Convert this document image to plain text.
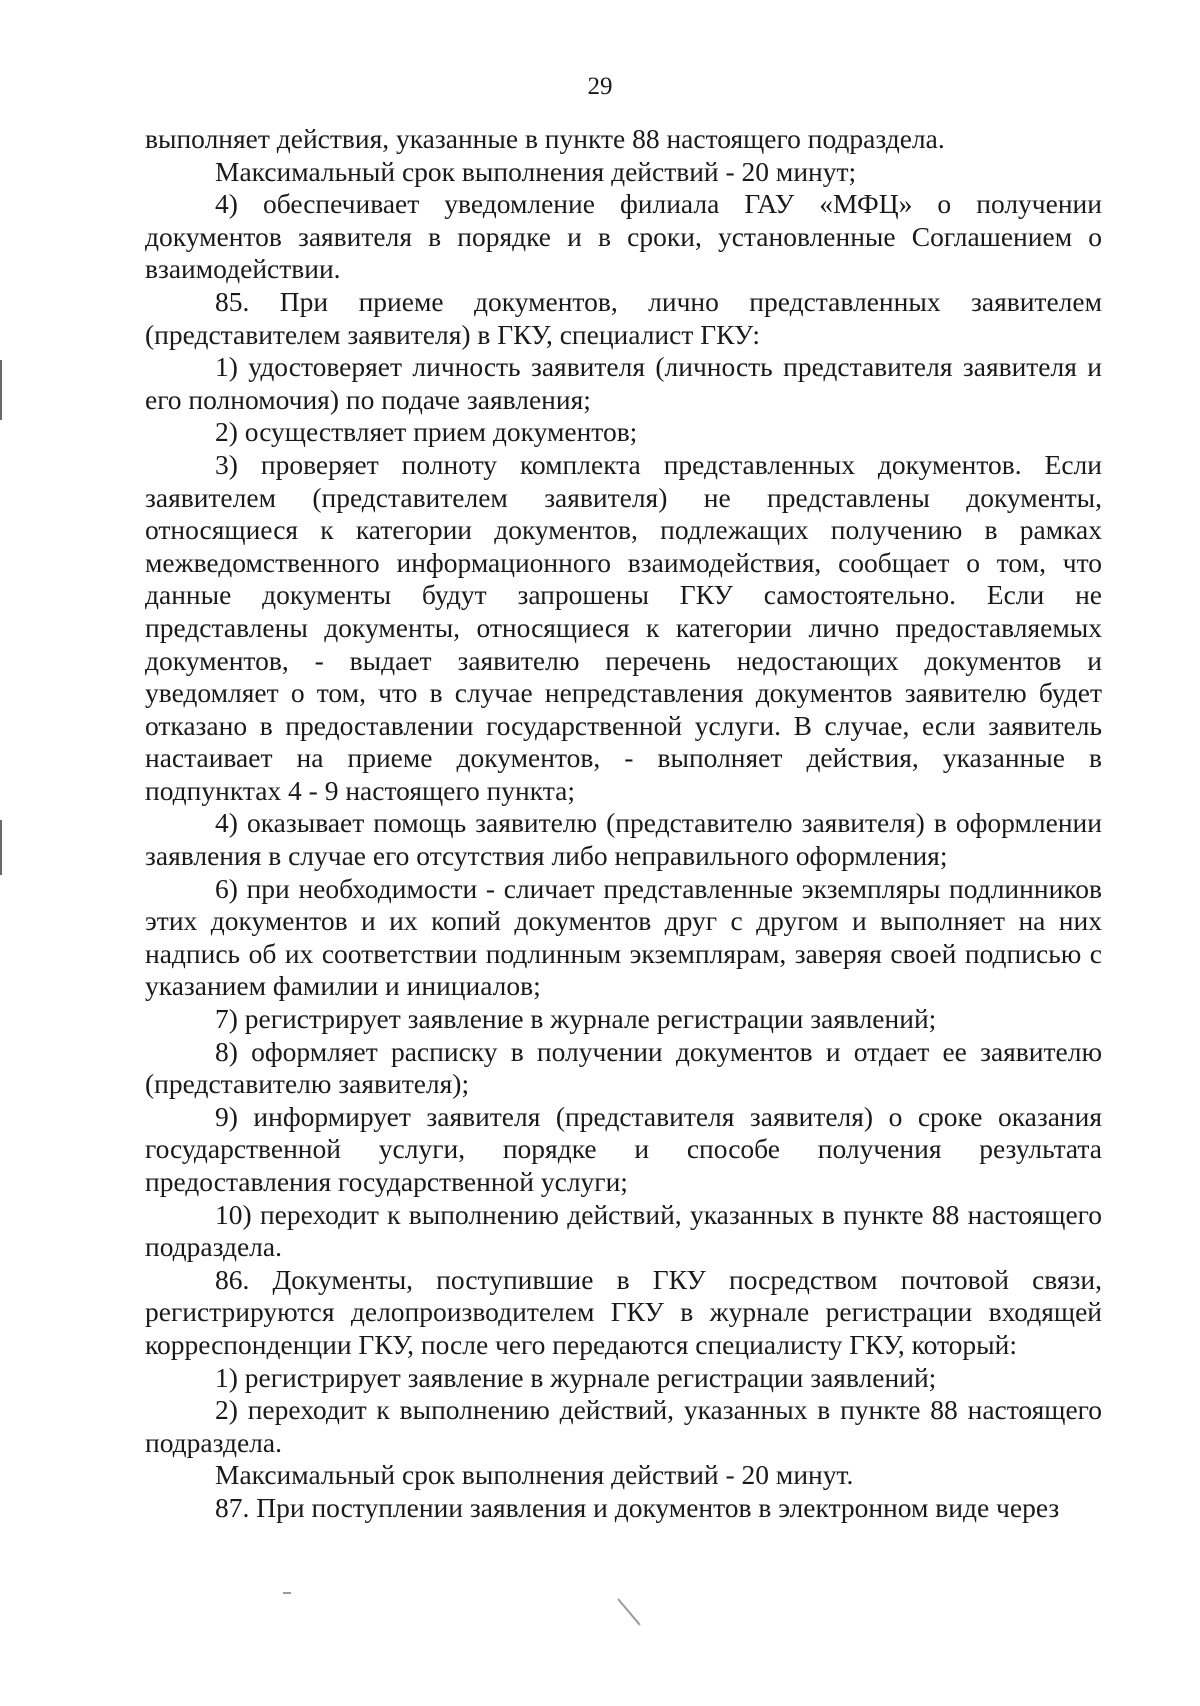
29

выполняет действия, указанные в пункте 88 настоящего подраздела.

Максимальный срок выполнения действий - 20 минут;

4) обеспечивает уведомление филиала ГАУ «МФЦ» о получении документов заявителя в порядке и в сроки, установленные Соглашением о взаимодействии.

85. При приеме документов, лично представленных заявителем (представителем заявителя) в ГКУ, специалист ГКУ:

1) удостоверяет личность заявителя (личность представителя заявителя и его полномочия) по подаче заявления;

2) осуществляет прием документов;

3) проверяет полноту комплекта представленных документов. Если заявителем (представителем заявителя) не представлены документы, относящиеся к категории документов, подлежащих получению в рамках межведомственного информационного взаимодействия, сообщает о том, что данные документы будут запрошены ГКУ самостоятельно. Если не представлены документы, относящиеся к категории лично предоставляемых документов, - выдает заявителю перечень недостающих документов и уведомляет о том, что в случае непредставления документов заявителю будет отказано в предоставлении государственной услуги. В случае, если заявитель настаивает на приеме документов, - выполняет действия, указанные в подпунктах 4 - 9 настоящего пункта;

4) оказывает помощь заявителю (представителю заявителя) в оформлении заявления в случае его отсутствия либо неправильного оформления;

6) при необходимости - сличает представленные экземпляры подлинников этих документов и их копий документов друг с другом и выполняет на них надпись об их соответствии подлинным экземплярам, заверяя своей подписью с указанием фамилии и инициалов;

7) регистрирует заявление в журнале регистрации заявлений;

8) оформляет расписку в получении документов и отдает ее заявителю (представителю заявителя);

9) информирует заявителя (представителя заявителя) о сроке оказания государственной услуги, порядке и способе получения результата предоставления государственной услуги;

10) переходит к выполнению действий, указанных в пункте 88 настоящего подраздела.

86. Документы, поступившие в ГКУ посредством почтовой связи, регистрируются делопроизводителем ГКУ в журнале регистрации входящей корреспонденции ГКУ, после чего передаются специалисту ГКУ, который:

1) регистрирует заявление в журнале регистрации заявлений;

2) переходит к выполнению действий, указанных в пункте 88 настоящего подраздела.

Максимальный срок выполнения действий - 20 минут.

87. При поступлении заявления и документов в электронном виде через
